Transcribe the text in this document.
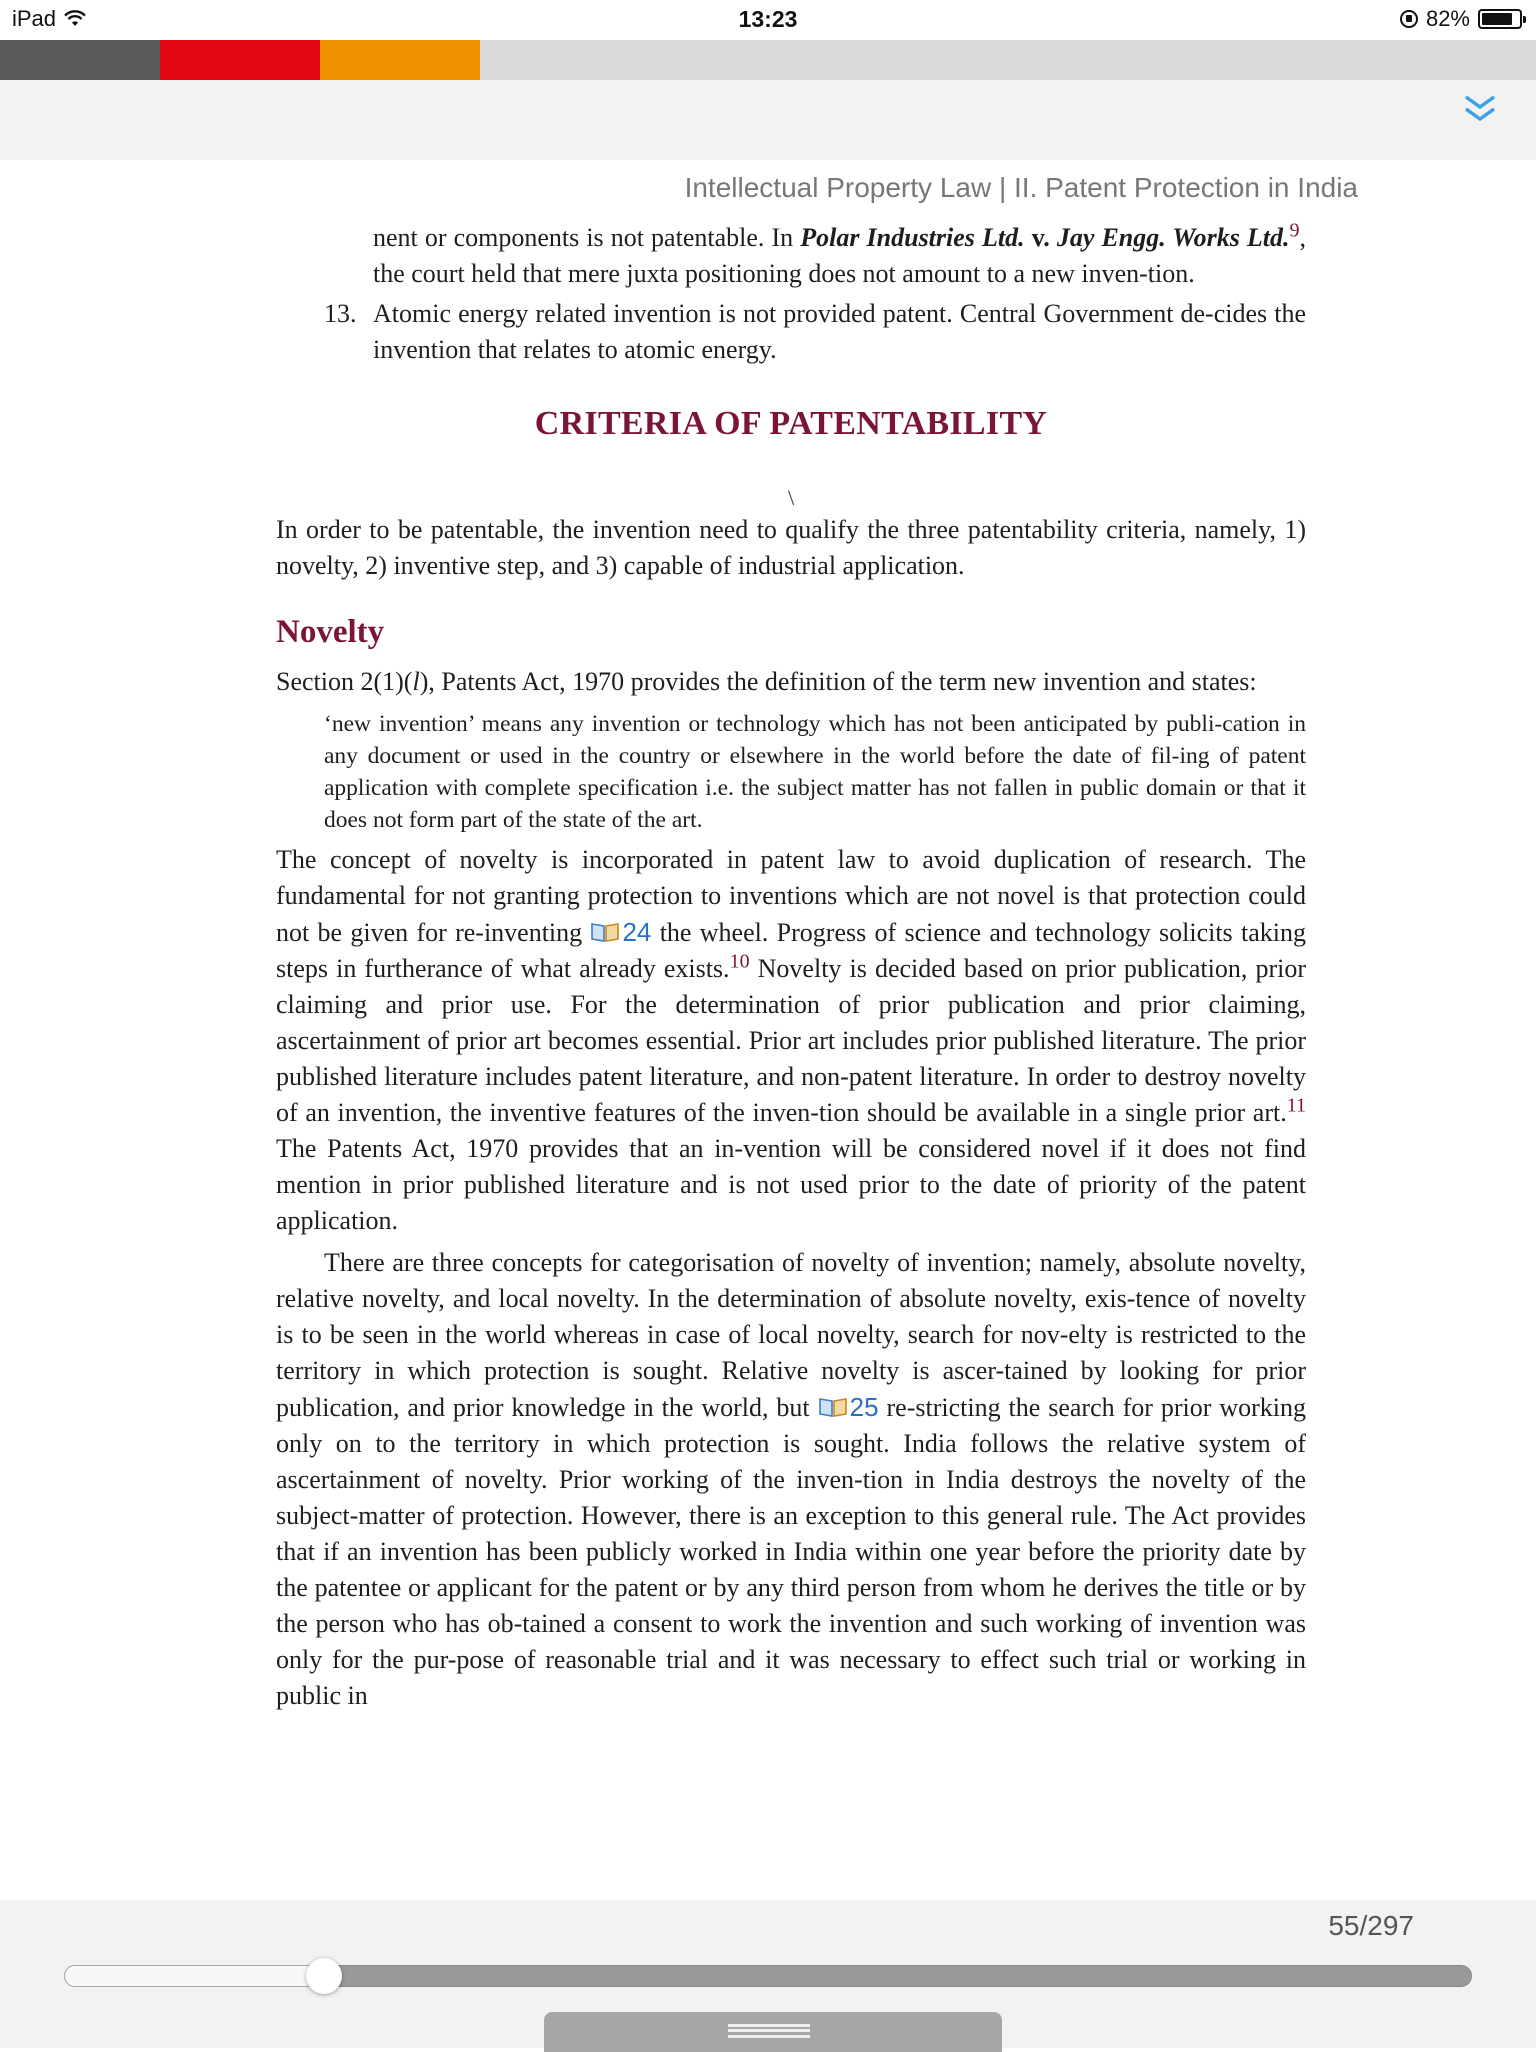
iPad	13:23	82%
Intellectual Property Law | II. Patent Protection in India

nent or components is not patentable. In Polar Industries Ltd. v. Jay Engg. Works Ltd.$^9$, the court held that mere juxta positioning does not amount to a new inven-tion.

13. Atomic energy related invention is not provided patent. Central Government de-cides the invention that relates to atomic energy.

CRITERIA OF PATENTABILITY
\

In order to be patentable, the invention need to qualify the three patentability criteria, namely, 1) novelty, 2) inventive step, and 3) capable of industrial application.

Novelty

Section 2(1)(l), Patents Act, 1970 provides the definition of the term new invention and states:

‘new invention’ means any invention or technology which has not been anticipated by publi-cation in any document or used in the country or elsewhere in the world before the date of fil-ing of patent application with complete specification i.e. the subject matter has not fallen in public domain or that it does not form part of the state of the art.

The concept of novelty is incorporated in patent law to avoid duplication of research. The fundamental for not granting protection to inventions which are not novel is that protection could not be given for re-inventing 24 the wheel. Progress of science and technology solicits taking steps in furtherance of what already exists.$^{10}$ Novelty is decided based on prior publication, prior claiming and prior use. For the determination of prior publication and prior claiming, ascertainment of prior art becomes essential. Prior art includes prior published literature. The prior published literature includes patent literature, and non-patent literature. In order to destroy novelty of an invention, the inventive features of the inven-tion should be available in a single prior art.$^{11}$ The Patents Act, 1970 provides that an in-vention will be considered novel if it does not find mention in prior published literature and is not used prior to the date of priority of the patent application.

There are three concepts for categorisation of novelty of invention; namely, absolute novelty, relative novelty, and local novelty. In the determination of absolute novelty, exis-tence of novelty is to be seen in the world whereas in case of local novelty, search for nov-elty is restricted to the territory in which protection is sought. Relative novelty is ascer-tained by looking for prior publication, and prior knowledge in the world, but 25 re-stricting the search for prior working only on to the territory in which protection is sought. India follows the relative system of ascertainment of novelty. Prior working of the inven-tion in India destroys the novelty of the subject-matter of protection. However, there is an exception to this general rule. The Act provides that if an invention has been publicly worked in India within one year before the priority date by the patentee or applicant for the patent or by any third person from whom he derives the title or by the person who has ob-tained a consent to work the invention and such working of invention was only for the pur-pose of reasonable trial and it was necessary to effect such trial or working in public in

55/297
